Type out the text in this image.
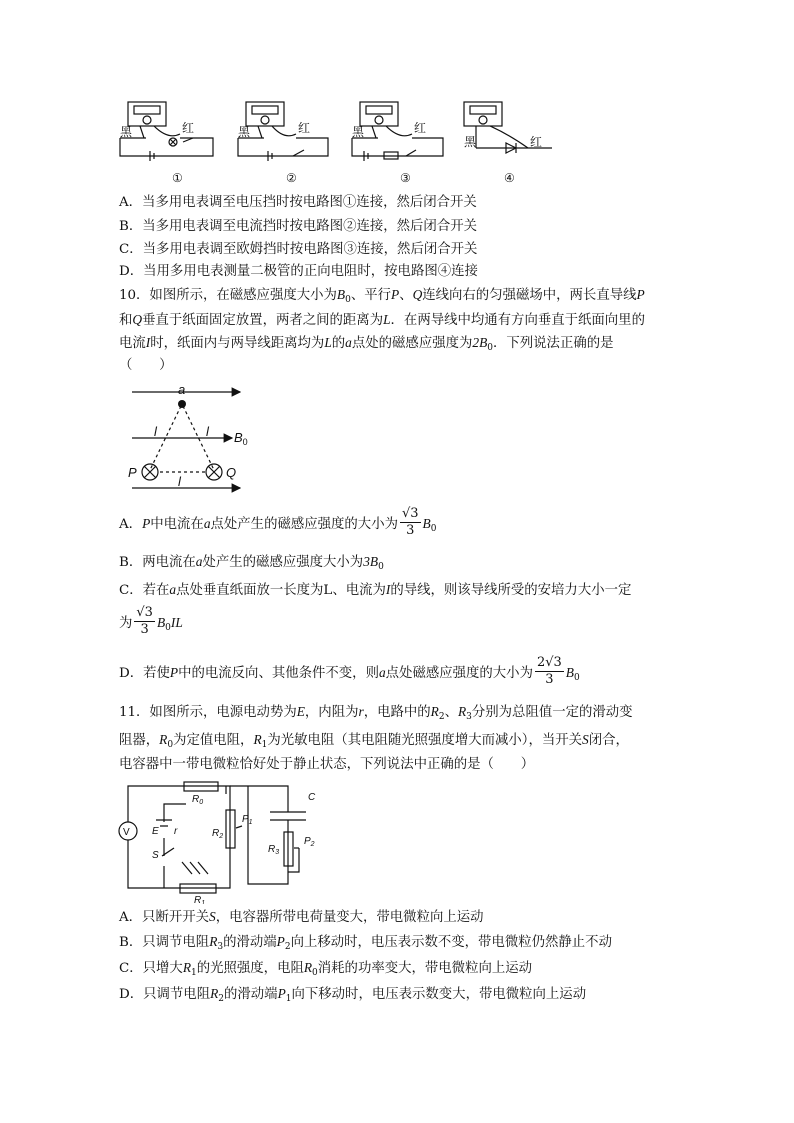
黑	红	黑	红	黑	红
黑	红
①	②	③	④
A．当多用电表调至电压挡时按电路图①连接，然后闭合开关
B．当多用电表调至电流挡时按电路图②连接，然后闭合开关
C．当多用电表调至欧姆挡时按电路图③连接，然后闭合开关
D．当用多用电表测量二极管的正向电阻时，按电路图④连接
10．如图所示，在磁感应强度大小为$B_0$、平行P、Q连线向右的匀强磁场中，两长直导线P
和Q垂直于纸面固定放置，两者之间的距离为L．在两导线中均通有方向垂直于纸面向里的
电流I时，纸面内与两导线距离均为L的a点处的磁感应强度为$2B_0$．下列说法正确的是
（　　）
a
l	l
l
$B_0$
P	Q
A．P中电流在a点处产生的磁感应强度的大小为 $\frac{√3}{3} B_0$
B．两电流在a处产生的磁感应强度大小为$3B_0$
C．若在a点处垂直纸面放一长度为L、电流为I的导线，则该导线所受的安培力大小一定
为 $\frac{√3}{3} B_0IL$
D．若使P中的电流反向、其他条件不变，则a点处磁感应强度的大小为 $\frac{2√3}{3} B_0$
11．如图所示，电源电动势为E，内阻为r，电路中的$R_2$、$R_3$分别为总阻值一定的滑动变
阻器，$R_0$为定值电阻，$R_1$为光敏电阻（其电阻随光照强度增大而减小），当开关S闭合，
电容器中一带电微粒恰好处于静止状态，下列说法中正确的是（　　）
V
$R_0$	C
E r	$R_2$
$P_1$
$R_3$
$P_2$
S
$R_1$
A．只断开开关S，电容器所带电荷量变大，带电微粒向上运动
B．只调节电阻$R_3$的滑动端$P_2$向上移动时，电压表示数不变，带电微粒仍然静止不动
C．只增大$R_1$的光照强度，电阻$R_0$消耗的功率变大，带电微粒向上运动
D．只调节电阻$R_2$的滑动端$P_1$向下移动时，电压表示数变大，带电微粒向上运动
